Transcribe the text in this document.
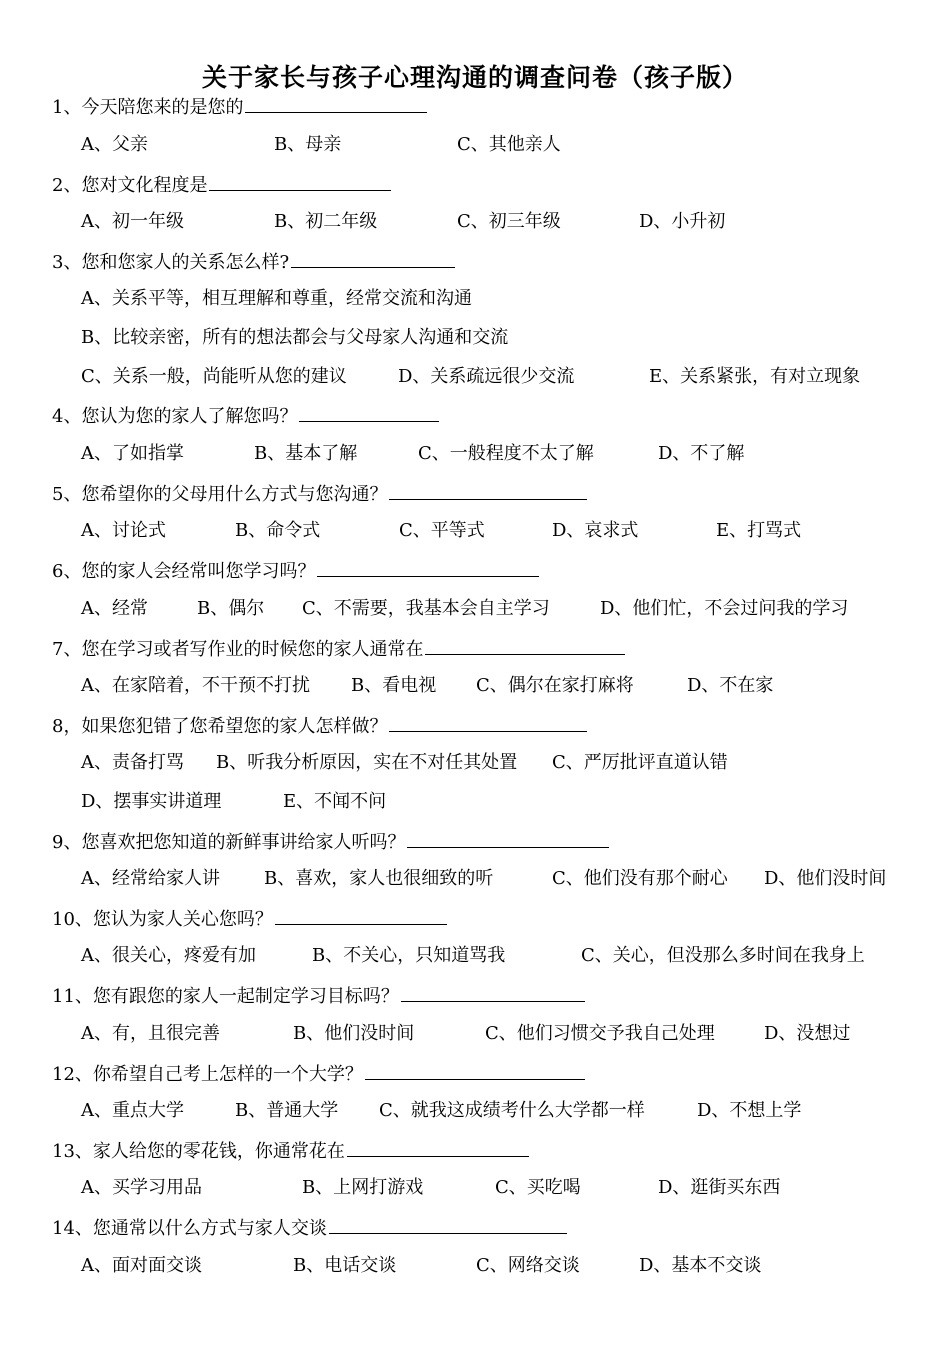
关于家长与孩子心理沟通的调查问卷（孩子版）
1、今天陪您来的是您的
A、父亲	B、母亲	C、其他亲人
2、您对文化程度是
A、初一年级	B、初二年级	C、初三年级	D、小升初
3、您和您家人的关系怎么样?
A、关系平等，相互理解和尊重，经常交流和沟通
B、比较亲密，所有的想法都会与父母家人沟通和交流
C、关系一般，尚能听从您的建议	D、关系疏远很少交流	E、关系紧张，有对立现象
4、您认为您的家人了解您吗？
A、了如指掌	B、基本了解	C、一般程度不太了解	D、不了解
5、您希望你的父母用什么方式与您沟通？
A、讨论式	B、命令式	C、平等式	D、哀求式	E、打骂式
6、您的家人会经常叫您学习吗？
A、经常	B、偶尔 C、不需要，我基本会自主学习	D、他们忙，不会过问我的学习
7、您在学习或者写作业的时候您的家人通常在
A、在家陪着，不干预不打扰 B、看电视 C、偶尔在家打麻将	D、不在家
8，如果您犯错了您希望您的家人怎样做？
A、责备打骂 B、听我分析原因，实在不对任其处置 C、严厉批评直道认错
D、摆事实讲道理	E、不闻不问
9、您喜欢把您知道的新鲜事讲给家人听吗？
A、经常给家人讲 B、喜欢，家人也很细致的听	C、他们没有那个耐心 D、他们没时间
10、您认为家人关心您吗？
A、很关心，疼爱有加	B、不关心，只知道骂我	C、关心，但没那么多时间在我身上
11、您有跟您的家人一起制定学习目标吗？
A、有，且很完善	B、他们没时间	C、他们习惯交予我自己处理	D、没想过
12、你希望自己考上怎样的一个大学？
A、重点大学	B、普通大学 C、就我这成绩考什么大学都一样	D、不想上学
13、家人给您的零花钱，你通常花在
A、买学习用品	B、上网打游戏	C、买吃喝	D、逛街买东西
14、您通常以什么方式与家人交谈
A、面对面交谈	B、电话交谈	C、网络交谈	D、基本不交谈
